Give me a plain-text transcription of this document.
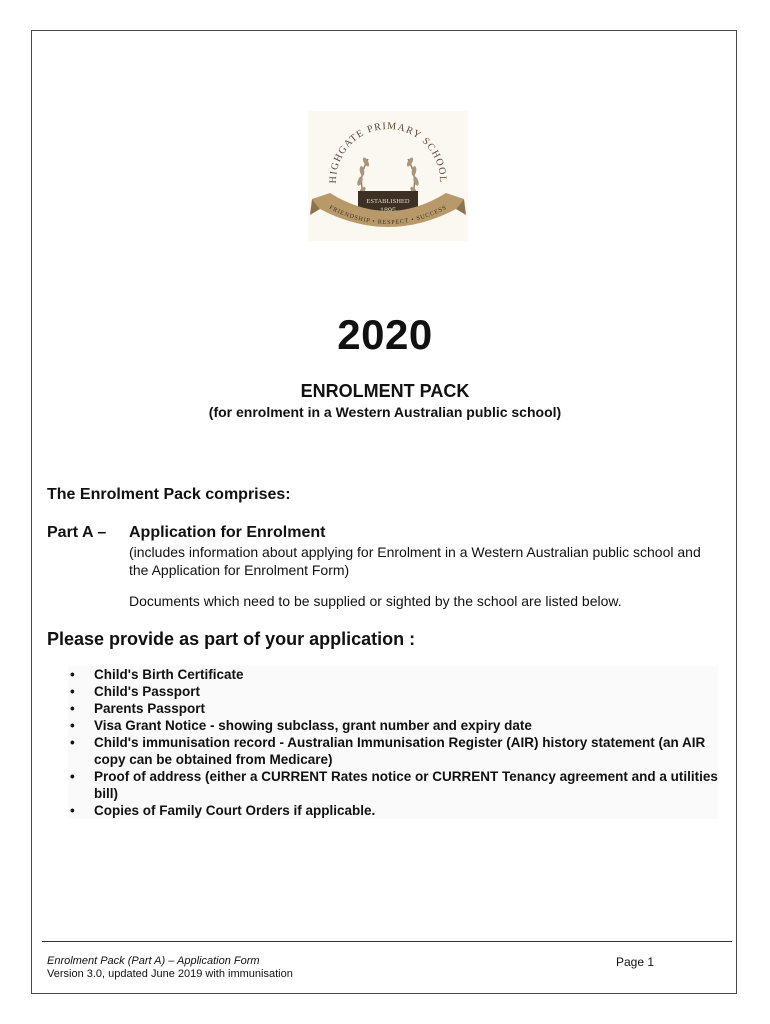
HIGHGATE PRIMARY SCHOOL
ESTABLISHED
1895
FRIENDSHIP • RESPECT • SUCCESS
2020
ENROLMENT PACK
(for enrolment in a Western Australian public school)
The Enrolment Pack comprises:
Part A – Application for Enrolment
(includes information about applying for Enrolment in a Western Australian public school and the Application for Enrolment Form)
Documents which need to be supplied or sighted by the school are listed below.
Please provide as part of your application :
• Child's Birth Certificate
• Child's Passport
• Parents Passport
• Visa Grant Notice - showing subclass, grant number and expiry date
• Child's immunisation record - Australian Immunisation Register (AIR) history statement (an AIR copy can be obtained from Medicare)
• Proof of address (either a CURRENT Rates notice or CURRENT Tenancy agreement and a utilities bill)
• Copies of Family Court Orders if applicable.
Enrolment Pack (Part A) – Application Form
Version 3.0, updated June 2019 with immunisation
Page 1
